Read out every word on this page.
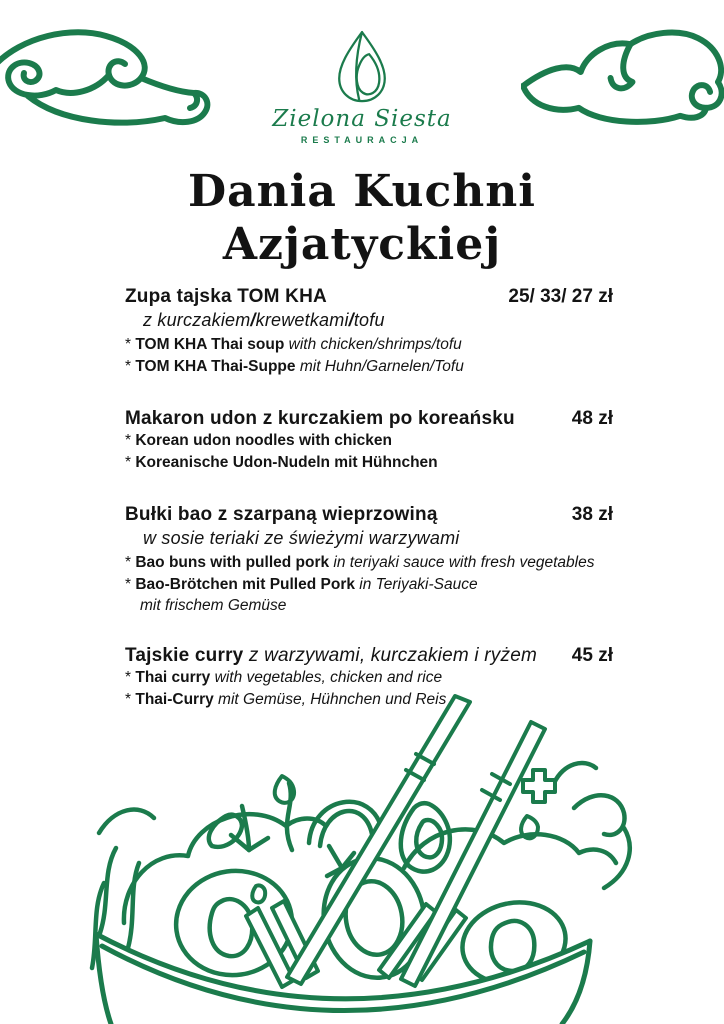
Zielona Siesta
RESTAURACJA
Dania Kuchni
Azjatyckiej
Zupa tajska TOM KHA	25/ 33/ 27 zł
z kurczakiem/krewetkami/tofu
* TOM KHA Thai soup with chicken/shrimps/tofu
* TOM KHA Thai-Suppe mit Huhn/Garnelen/Tofu
Makaron udon z kurczakiem po koreańsku	48 zł
* Korean udon noodles with chicken
* Koreanische Udon-Nudeln mit Hühnchen
Bułki bao z szarpaną wieprzowiną	38 zł
w sosie teriaki ze świeżymi warzywami
* Bao buns with pulled pork in teriyaki sauce with fresh vegetables
* Bao-Brötchen mit Pulled Pork in Teriyaki-Sauce
mit frischem Gemüse
Tajskie curry z warzywami, kurczakiem i ryżem	45 zł
* Thai curry with vegetables, chicken and rice
* Thai-Curry mit Gemüse, Hühnchen und Reis
